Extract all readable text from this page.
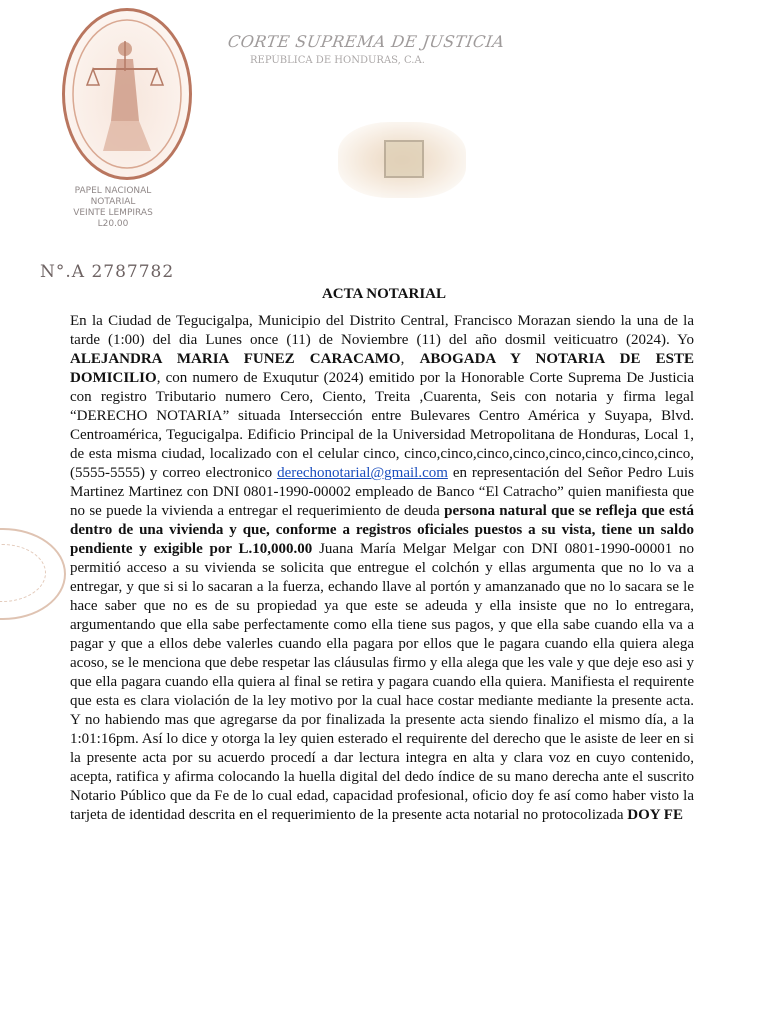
CORTE SUPREMA DE JUSTICIA
REPÚBLICA DE HONDURAS, C.A.
PAPEL NACIONAL
NOTARIAL
VEINTE LEMPIRAS
L20.00
N°.A 2787782
ACTA NOTARIAL
En la Ciudad de Tegucigalpa, Municipio del Distrito Central, Francisco Morazan siendo la una de la tarde (1:00) del dia Lunes once (11) de Noviembre (11) del año dosmil veiticuatro (2024). Yo ALEJANDRA MARIA FUNEZ CARACAMO, ABOGADA Y NOTARIA DE ESTE DOMICILIO, con numero de Exuqutur (2024) emitido por la Honorable Corte Suprema De Justicia con registro Tributario numero Cero, Ciento, Treita ,Cuarenta, Seis con notaria y firma legal “DERECHO NOTARIA” situada Intersección entre Bulevares Centro América y Suyapa, Blvd. Centroamérica, Tegucigalpa. Edificio Principal de la Universidad Metropolitana de Honduras, Local 1, de esta misma ciudad, localizado con el celular cinco, cinco,cinco,cinco,cinco,cinco,cinco,cinco,cinco, (5555-5555) y correo electronico derechonotarial@gmail.com en representación del Señor Pedro Luis Martinez Martinez con DNI 0801-1990-00002 empleado de Banco “El Catracho” quien manifiesta que no se puede la vivienda a entregar el requerimiento de deuda persona natural que se refleja que está dentro de una vivienda y que, conforme a registros oficiales puestos a su vista, tiene un saldo pendiente y exigible por L.10,000.00 Juana María Melgar Melgar con DNI 0801-1990-00001 no permitió acceso a su vivienda se solicita que entregue el colchón y ellas argumenta que no lo va a entregar, y que si si lo sacaran a la fuerza, echando llave al portón y amanzanado que no lo sacara se le hace saber que no es de su propiedad ya que este se adeuda y ella insiste que no lo entregara, argumentando que ella sabe perfectamente como ella tiene sus pagos, y que ella sabe cuando ella va a pagar y que a ellos debe valerles cuando ella pagara por ellos que le pagara cuando ella quiera alega acoso, se le menciona que debe respetar las cláusulas firmo y ella alega que les vale y que deje eso asi y que ella pagara cuando ella quiera al final se retira y pagara cuando ella quiera. Manifiesta el requirente que esta es clara violación de la ley motivo por la cual hace costar mediante mediante la presente acta. Y no habiendo mas que agregarse da por finalizada la presente acta siendo finalizo el mismo día, a la 1:01:16pm. Así lo dice y otorga la ley quien esterado el requirente del derecho que le asiste de leer en si la presente acta por su acuerdo procedí a dar lectura integra en alta y clara voz en cuyo contenido, acepta, ratifica y afirma colocando la huella digital del dedo índice de su mano derecha ante el suscrito Notario Público que da Fe de lo cual edad, capacidad profesional, oficio doy fe así como haber visto la tarjeta de identidad descrita en el requerimiento de la presente acta notarial no protocolizada DOY FE
